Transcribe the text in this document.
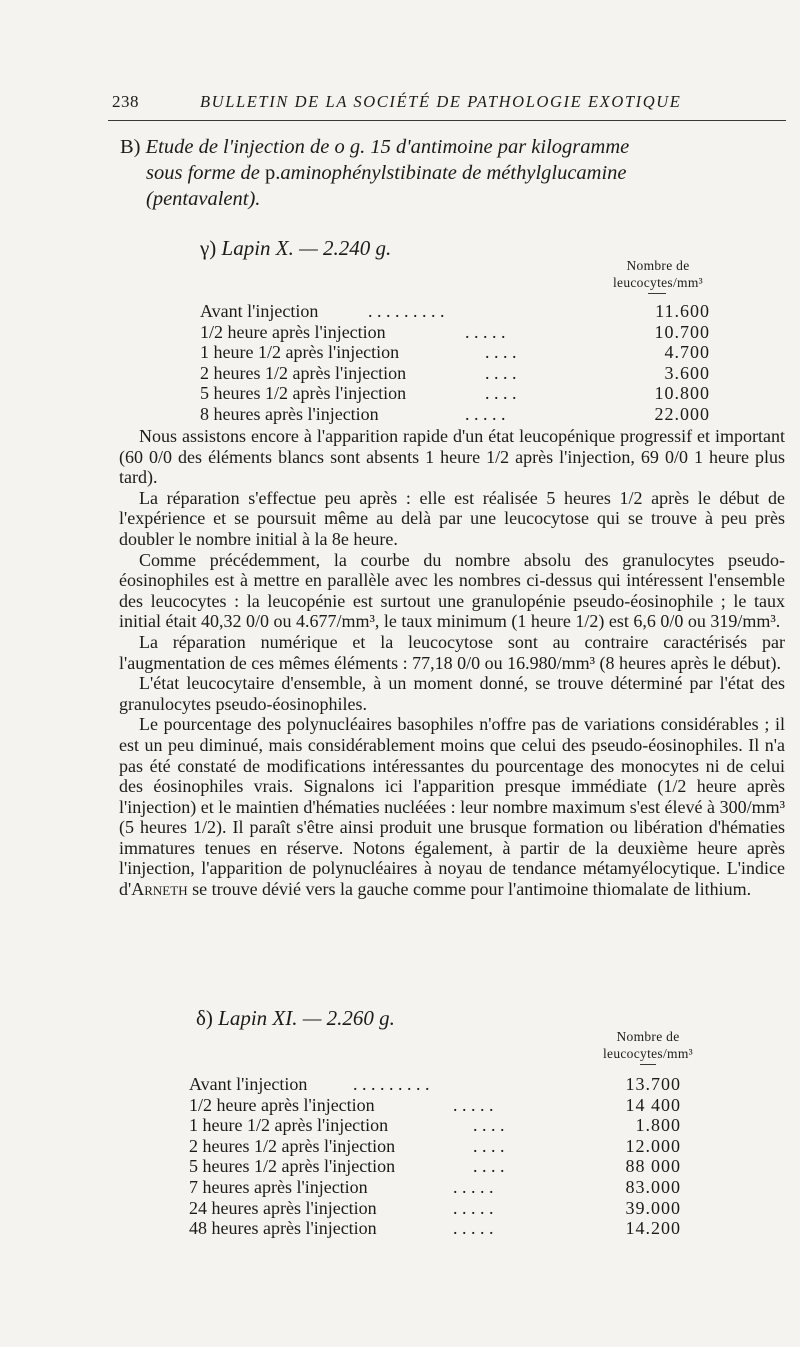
238	BULLETIN DE LA SOCIÉTÉ DE PATHOLOGIE EXOTIQUE
B) Etude de l'injection de o g. 15 d'antimoine par kilogramme
sous forme de p.aminophénylstibinate de méthylglucamine
(pentavalent).
γ) Lapin X. — 2.240 g.
Nombre de
leucocytes/mm³
Avant l'injection	. . . . . . . . .	11.600
1/2 heure après l'injection	. . . . .	10.700
1 heure 1/2 après l'injection	. . . .	4.700
2 heures 1/2 après l'injection	. . . .	3.600
5 heures 1/2 après l'injection	. . . .	10.800
8 heures après l'injection	. . . . .	22.000

Nous assistons encore à l'apparition rapide d'un état leucopénique progressif et important (60 0/0 des éléments blancs sont absents 1 heure 1/2 après l'injection, 69 0/0 1 heure plus tard).

La réparation s'effectue peu après : elle est réalisée 5 heures 1/2 après le début de l'expérience et se poursuit même au delà par une leucocytose qui se trouve à peu près doubler le nombre initial à la 8e heure.

Comme précédemment, la courbe du nombre absolu des granulocytes pseudo-éosinophiles est à mettre en parallèle avec les nombres ci-dessus qui intéressent l'ensemble des leucocytes : la leucopénie est surtout une granulopénie pseudo-éosinophile ; le taux initial était 40,32 0/0 ou 4.677/mm³, le taux minimum (1 heure 1/2) est 6,6 0/0 ou 319/mm³.

La réparation numérique et la leucocytose sont au contraire caractérisés par l'augmentation de ces mêmes éléments : 77,18 0/0 ou 16.980/mm³ (8 heures après le début).

L'état leucocytaire d'ensemble, à un moment donné, se trouve déterminé par l'état des granulocytes pseudo-éosinophiles.

Le pourcentage des polynucléaires basophiles n'offre pas de variations considérables ; il est un peu diminué, mais considérablement moins que celui des pseudo-éosinophiles. Il n'a pas été constaté de modifications intéressantes du pourcentage des monocytes ni de celui des éosinophiles vrais. Signalons ici l'apparition presque immédiate (1/2 heure après l'injection) et le maintien d'hématies nucléées : leur nombre maximum s'est élevé à 300/mm³ (5 heures 1/2). Il paraît s'être ainsi produit une brusque formation ou libération d'hématies immatures tenues en réserve. Notons également, à partir de la deuxième heure après l'injection, l'apparition de polynucléaires à noyau de tendance métamyélocytique. L'indice d'Arneth se trouve dévié vers la gauche comme pour l'antimoine thiomalate de lithium.

δ) Lapin XI. — 2.260 g.
Nombre de
leucocytes/mm³
Avant l'injection	. . . . . . . . .	13.700
1/2 heure après l'injection	. . . . .	14 400
1 heure 1/2 après l'injection	. . . .	1.800
2 heures 1/2 après l'injection	. . . .	12.000
5 heures 1/2 après l'injection	. . . .	88 000
7 heures après l'injection	. . . . .	83.000
24 heures après l'injection	. . . . .	39.000
48 heures après l'injection	. . . . .	14.200
